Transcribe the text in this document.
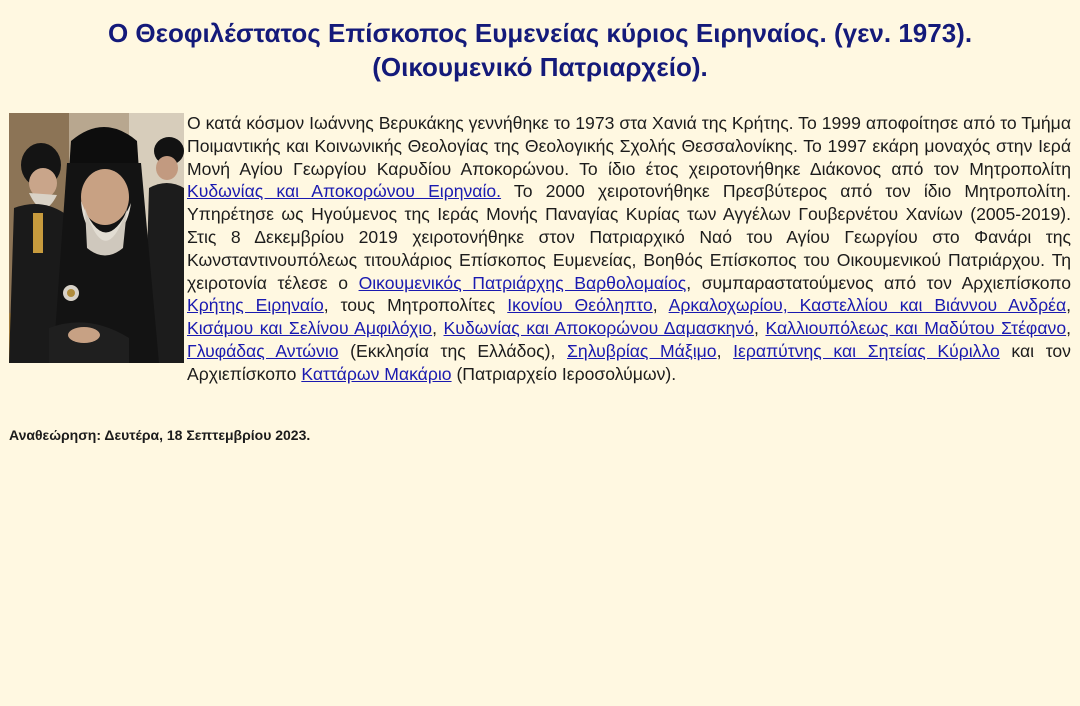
Ο Θεοφιλέστατος Επίσκοπος Ευμενείας κύριος Ειρηναίος. (γεν. 1973).
(Οικουμενικό Πατριαρχείο).

Ο κατά κόσμον Ιωάννης Βερυκάκης γεννήθηκε το 1973 στα Χανιά της Κρήτης. Το 1999 αποφοίτησε από το Τμήμα Ποιμαντικής και Κοινωνικής Θεολογίας της Θεολογικής Σχολής Θεσσαλονίκης. Το 1997 εκάρη μοναχός στην Ιερά Μονή Αγίου Γεωργίου Καρυδίου Αποκορώνου. Το ίδιο έτος χειροτονήθηκε Διάκονος από τον Μητροπολίτη Κυδωνίας και Αποκορώνου Ειρηναίο. Το 2000 χειροτονήθηκε Πρεσβύτερος από τον ίδιο Μητροπολίτη. Υπηρέτησε ως Ηγούμενος της Ιεράς Μονής Παναγίας Κυρίας των Αγγέλων Γουβερνέτου Χανίων (2005-2019). Στις 8 Δεκεμβρίου 2019 χειροτονήθηκε στον Πατριαρχικό Ναό του Αγίου Γεωργίου στο Φανάρι της Κωνσταντινουπόλεως τιτουλάριος Επίσκοπος Ευμενείας, Βοηθός Επίσκοπος του Οικουμενικού Πατριάρχου. Τη χειροτονία τέλεσε ο Οικουμενικός Πατριάρχης Βαρθολομαίος, συμπαραστατούμενος από τον Αρχιεπίσκοπο Κρήτης Ειρηναίο, τους Μητροπολίτες Ικονίου Θεόληπτο, Αρκαλοχωρίου, Καστελλίου και Βιάννου Ανδρέα, Κισάμου και Σελίνου Αμφιλόχιο, Κυδωνίας και Αποκορώνου Δαμασκηνό, Καλλιουπόλεως και Μαδύτου Στέφανο, Γλυφάδας Αντώνιο (Εκκλησία της Ελλάδος), Σηλυβρίας Μάξιμο, Ιεραπύτνης και Σητείας Κύριλλο και τον Αρχιεπίσκοπο Καττάρων Μακάριο (Πατριαρχείο Ιεροσολύμων).

Αναθεώρηση: Δευτέρα, 18 Σεπτεμβρίου 2023.
